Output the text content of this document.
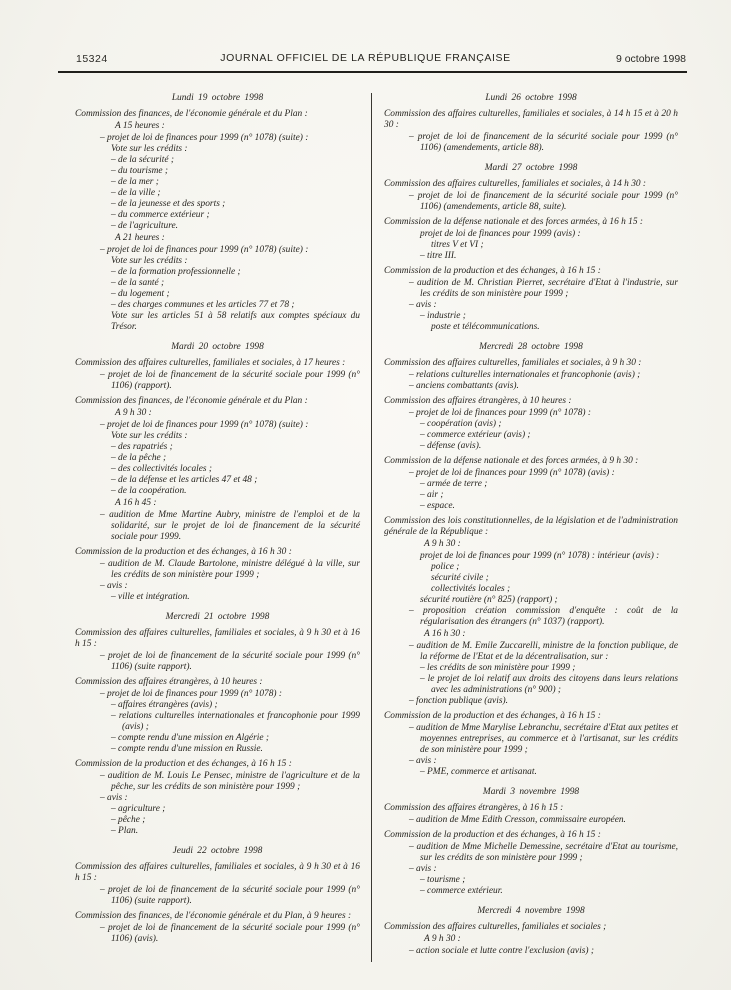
15324	JOURNAL OFFICIEL DE LA RÉPUBLIQUE FRANÇAISE	9 octobre 1998

Lundi 19 octobre 1998

Commission des finances, de l'économie générale et du Plan :

A 15 heures :

– projet de loi de finances pour 1999 (n° 1078) (suite) :

Vote sur les crédits :

– de la sécurité ;

– du tourisme ;

– de la mer ;

– de la ville ;

– de la jeunesse et des sports ;

– du commerce extérieur ;

– de l'agriculture.

A 21 heures :

– projet de loi de finances pour 1999 (n° 1078) (suite) :

Vote sur les crédits :

– de la formation professionnelle ;

– de la santé ;

– du logement ;

– des charges communes et les articles 77 et 78 ;

Vote sur les articles 51 à 58 relatifs aux comptes spéciaux du Trésor.

Mardi 20 octobre 1998

Commission des affaires culturelles, familiales et sociales, à 17 heures :

– projet de loi de financement de la sécurité sociale pour 1999 (n° 1106) (rapport).

Commission des finances, de l'économie générale et du Plan :

A 9 h 30 :

– projet de loi de finances pour 1999 (n° 1078) (suite) :

Vote sur les crédits :

– des rapatriés ;

– de la pêche ;

– des collectivités locales ;

– de la défense et les articles 47 et 48 ;

– de la coopération.

A 16 h 45 :

– audition de Mme Martine Aubry, ministre de l'emploi et de la solidarité, sur le projet de loi de financement de la sécurité sociale pour 1999.

Commission de la production et des échanges, à 16 h 30 :

– audition de M. Claude Bartolone, ministre délégué à la ville, sur les crédits de son ministère pour 1999 ;

– avis :

– ville et intégration.

Mercredi 21 octobre 1998

Commission des affaires culturelles, familiales et sociales, à 9 h 30 et à 16 h 15 :

– projet de loi de financement de la sécurité sociale pour 1999 (n° 1106) (suite rapport).

Commission des affaires étrangères, à 10 heures :

– projet de loi de finances pour 1999 (n° 1078) :

– affaires étrangères (avis) ;

– relations culturelles internationales et francophonie pour 1999 (avis) ;

– compte rendu d'une mission en Algérie ;

– compte rendu d'une mission en Russie.

Commission de la production et des échanges, à 16 h 15 :

– audition de M. Louis Le Pensec, ministre de l'agriculture et de la pêche, sur les crédits de son ministère pour 1999 ;

– avis :

– agriculture ;

– pêche ;

– Plan.

Jeudi 22 octobre 1998

Commission des affaires culturelles, familiales et sociales, à 9 h 30 et à 16 h 15 :

– projet de loi de financement de la sécurité sociale pour 1999 (n° 1106) (suite rapport).

Commission des finances, de l'économie générale et du Plan, à 9 heures :

– projet de loi de financement de la sécurité sociale pour 1999 (n° 1106) (avis).

Lundi 26 octobre 1998

Commission des affaires culturelles, familiales et sociales, à 14 h 15 et à 20 h 30 :

– projet de loi de financement de la sécurité sociale pour 1999 (n° 1106) (amendements, article 88).

Mardi 27 octobre 1998

Commission des affaires culturelles, familiales et sociales, à 14 h 30 :

– projet de loi de financement de la sécurité sociale pour 1999 (n° 1106) (amendements, article 88, suite).

Commission de la défense nationale et des forces armées, à 16 h 15 :

projet de loi de finances pour 1999 (avis) :

titres V et VI ;

– titre III.

Commission de la production et des échanges, à 16 h 15 :

– audition de M. Christian Pierret, secrétaire d'Etat à l'industrie, sur les crédits de son ministère pour 1999 ;

– avis :

– industrie ;

poste et télécommunications.

Mercredi 28 octobre 1998

Commission des affaires culturelles, familiales et sociales, à 9 h 30 :

– relations culturelles internationales et francophonie (avis) ;

– anciens combattants (avis).

Commission des affaires étrangères, à 10 heures :

– projet de loi de finances pour 1999 (n° 1078) :

– coopération (avis) ;

– commerce extérieur (avis) ;

– défense (avis).

Commission de la défense nationale et des forces armées, à 9 h 30 :

– projet de loi de finances pour 1999 (n° 1078) (avis) :

– armée de terre ;

– air ;

– espace.

Commission des lois constitutionnelles, de la législation et de l'administration générale de la République :

A 9 h 30 :

projet de loi de finances pour 1999 (n° 1078) : intérieur (avis) :

police ;

sécurité civile ;

collectivités locales ;

sécurité routière (n° 825) (rapport) ;

– proposition création commission d'enquête : coût de la régularisation des étrangers (n° 1037) (rapport).

A 16 h 30 :

– audition de M. Emile Zuccarelli, ministre de la fonction publique, de la réforme de l'Etat et de la décentralisation, sur :

– les crédits de son ministère pour 1999 ;

– le projet de loi relatif aux droits des citoyens dans leurs relations avec les administrations (n° 900) ;

– fonction publique (avis).

Commission de la production et des échanges, à 16 h 15 :

– audition de Mme Marylise Lebranchu, secrétaire d'Etat aux petites et moyennes entreprises, au commerce et à l'artisanat, sur les crédits de son ministère pour 1999 ;

– avis :

– PME, commerce et artisanat.

Mardi 3 novembre 1998

Commission des affaires étrangères, à 16 h 15 :

– audition de Mme Edith Cresson, commissaire européen.

Commission de la production et des échanges, à 16 h 15 :

– audition de Mme Michelle Demessine, secrétaire d'Etat au tourisme, sur les crédits de son ministère pour 1999 ;

– avis :

– tourisme ;

– commerce extérieur.

Mercredi 4 novembre 1998

Commission des affaires culturelles, familiales et sociales ;

A 9 h 30 :

– action sociale et lutte contre l'exclusion (avis) ;
